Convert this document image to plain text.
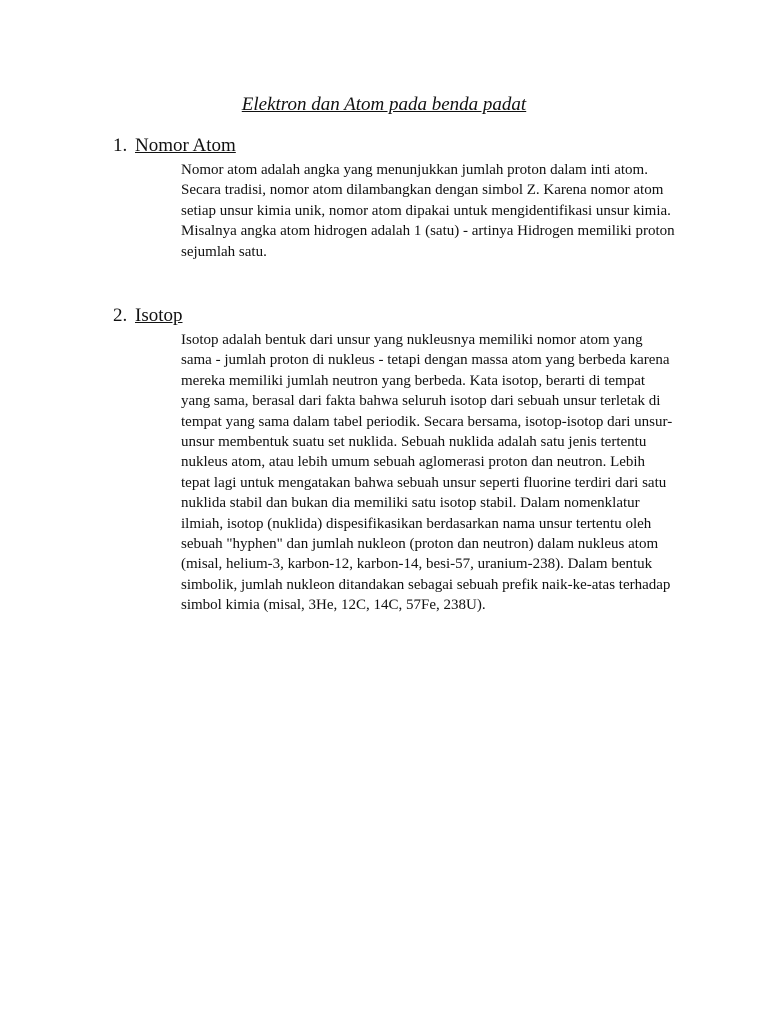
Elektron dan Atom pada benda padat
1. Nomor Atom
Nomor atom adalah angka yang menunjukkan jumlah proton dalam inti atom.
Secara tradisi, nomor atom dilambangkan dengan simbol Z. Karena nomor atom
setiap unsur kimia unik, nomor atom dipakai untuk mengidentifikasi unsur kimia.
Misalnya angka atom hidrogen adalah 1 (satu) - artinya Hidrogen memiliki proton
sejumlah satu.
2. Isotop
Isotop adalah bentuk dari unsur yang nukleusnya memiliki nomor atom yang
sama - jumlah proton di nukleus - tetapi dengan massa atom yang berbeda karena
mereka memiliki jumlah neutron yang berbeda. Kata isotop, berarti di tempat
yang sama, berasal dari fakta bahwa seluruh isotop dari sebuah unsur terletak di
tempat yang sama dalam tabel periodik. Secara bersama, isotop-isotop dari unsur-
unsur membentuk suatu set nuklida. Sebuah nuklida adalah satu jenis tertentu
nukleus atom, atau lebih umum sebuah aglomerasi proton dan neutron. Lebih
tepat lagi untuk mengatakan bahwa sebuah unsur seperti fluorine terdiri dari satu
nuklida stabil dan bukan dia memiliki satu isotop stabil. Dalam nomenklatur
ilmiah, isotop (nuklida) dispesifikasikan berdasarkan nama unsur tertentu oleh
sebuah "hyphen" dan jumlah nukleon (proton dan neutron) dalam nukleus atom
(misal, helium-3, karbon-12, karbon-14, besi-57, uranium-238). Dalam bentuk
simbolik, jumlah nukleon ditandakan sebagai sebuah prefik naik-ke-atas terhadap
simbol kimia (misal, 3He, 12C, 14C, 57Fe, 238U).
